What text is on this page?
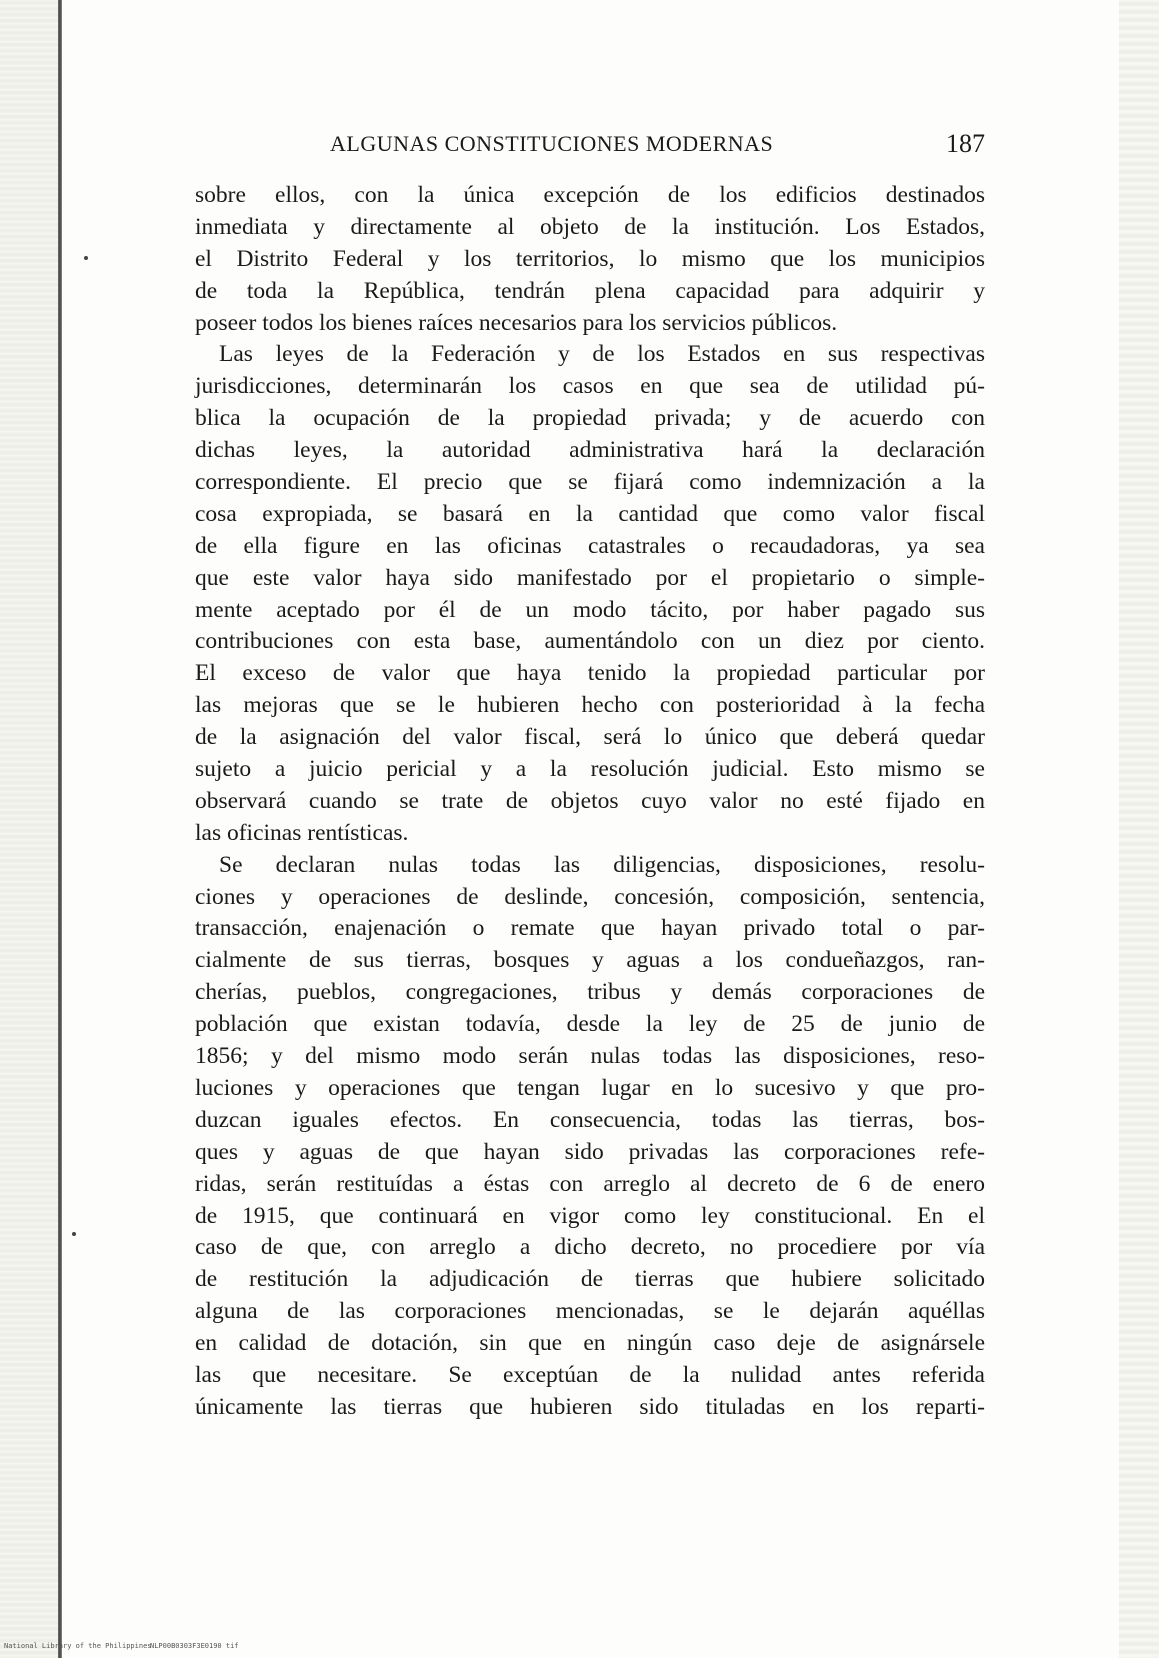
ALGUNAS CONSTITUCIONES MODERNAS	187
sobre ellos, con la única excepción de los edificios destinados
inmediata y directamente al objeto de la institución. Los Estados,
el Distrito Federal y los territorios, lo mismo que los municipios
de toda la República, tendrán plena capacidad para adquirir y
poseer todos los bienes raíces necesarios para los servicios públicos.
Las leyes de la Federación y de los Estados en sus respectivas
jurisdicciones, determinarán los casos en que sea de utilidad pú-
blica la ocupación de la propiedad privada; y de acuerdo con
dichas leyes, la autoridad administrativa hará la declaración
correspondiente. El precio que se fijará como indemnización a la
cosa expropiada, se basará en la cantidad que como valor fiscal
de ella figure en las oficinas catastrales o recaudadoras, ya sea
que este valor haya sido manifestado por el propietario o simple-
mente aceptado por él de un modo tácito, por haber pagado sus
contribuciones con esta base, aumentándolo con un diez por ciento.
El exceso de valor que haya tenido la propiedad particular por
las mejoras que se le hubieren hecho con posterioridad à la fecha
de la asignación del valor fiscal, será lo único que deberá quedar
sujeto a juicio pericial y a la resolución judicial. Esto mismo se
observará cuando se trate de objetos cuyo valor no esté fijado en
las oficinas rentísticas.
Se declaran nulas todas las diligencias, disposiciones, resolu-
ciones y operaciones de deslinde, concesión, composición, sentencia,
transacción, enajenación o remate que hayan privado total o par-
cialmente de sus tierras, bosques y aguas a los condueñazgos, ran-
cherías, pueblos, congregaciones, tribus y demás corporaciones de
población que existan todavía, desde la ley de 25 de junio de
1856; y del mismo modo serán nulas todas las disposiciones, reso-
luciones y operaciones que tengan lugar en lo sucesivo y que pro-
duzcan iguales efectos. En consecuencia, todas las tierras, bos-
ques y aguas de que hayan sido privadas las corporaciones refe-
ridas, serán restituídas a éstas con arreglo al decreto de 6 de enero
de 1915, que continuará en vigor como ley constitucional. En el
caso de que, con arreglo a dicho decreto, no procediere por vía
de restitución la adjudicación de tierras que hubiere solicitado
alguna de las corporaciones mencionadas, se le dejarán aquéllas
en calidad de dotación, sin que en ningún caso deje de asignársele
las que necesitare. Se exceptúan de la nulidad antes referida
únicamente las tierras que hubieren sido tituladas en los reparti-
National Library of the Philippines
NLP00B0303F3E0190 tif
